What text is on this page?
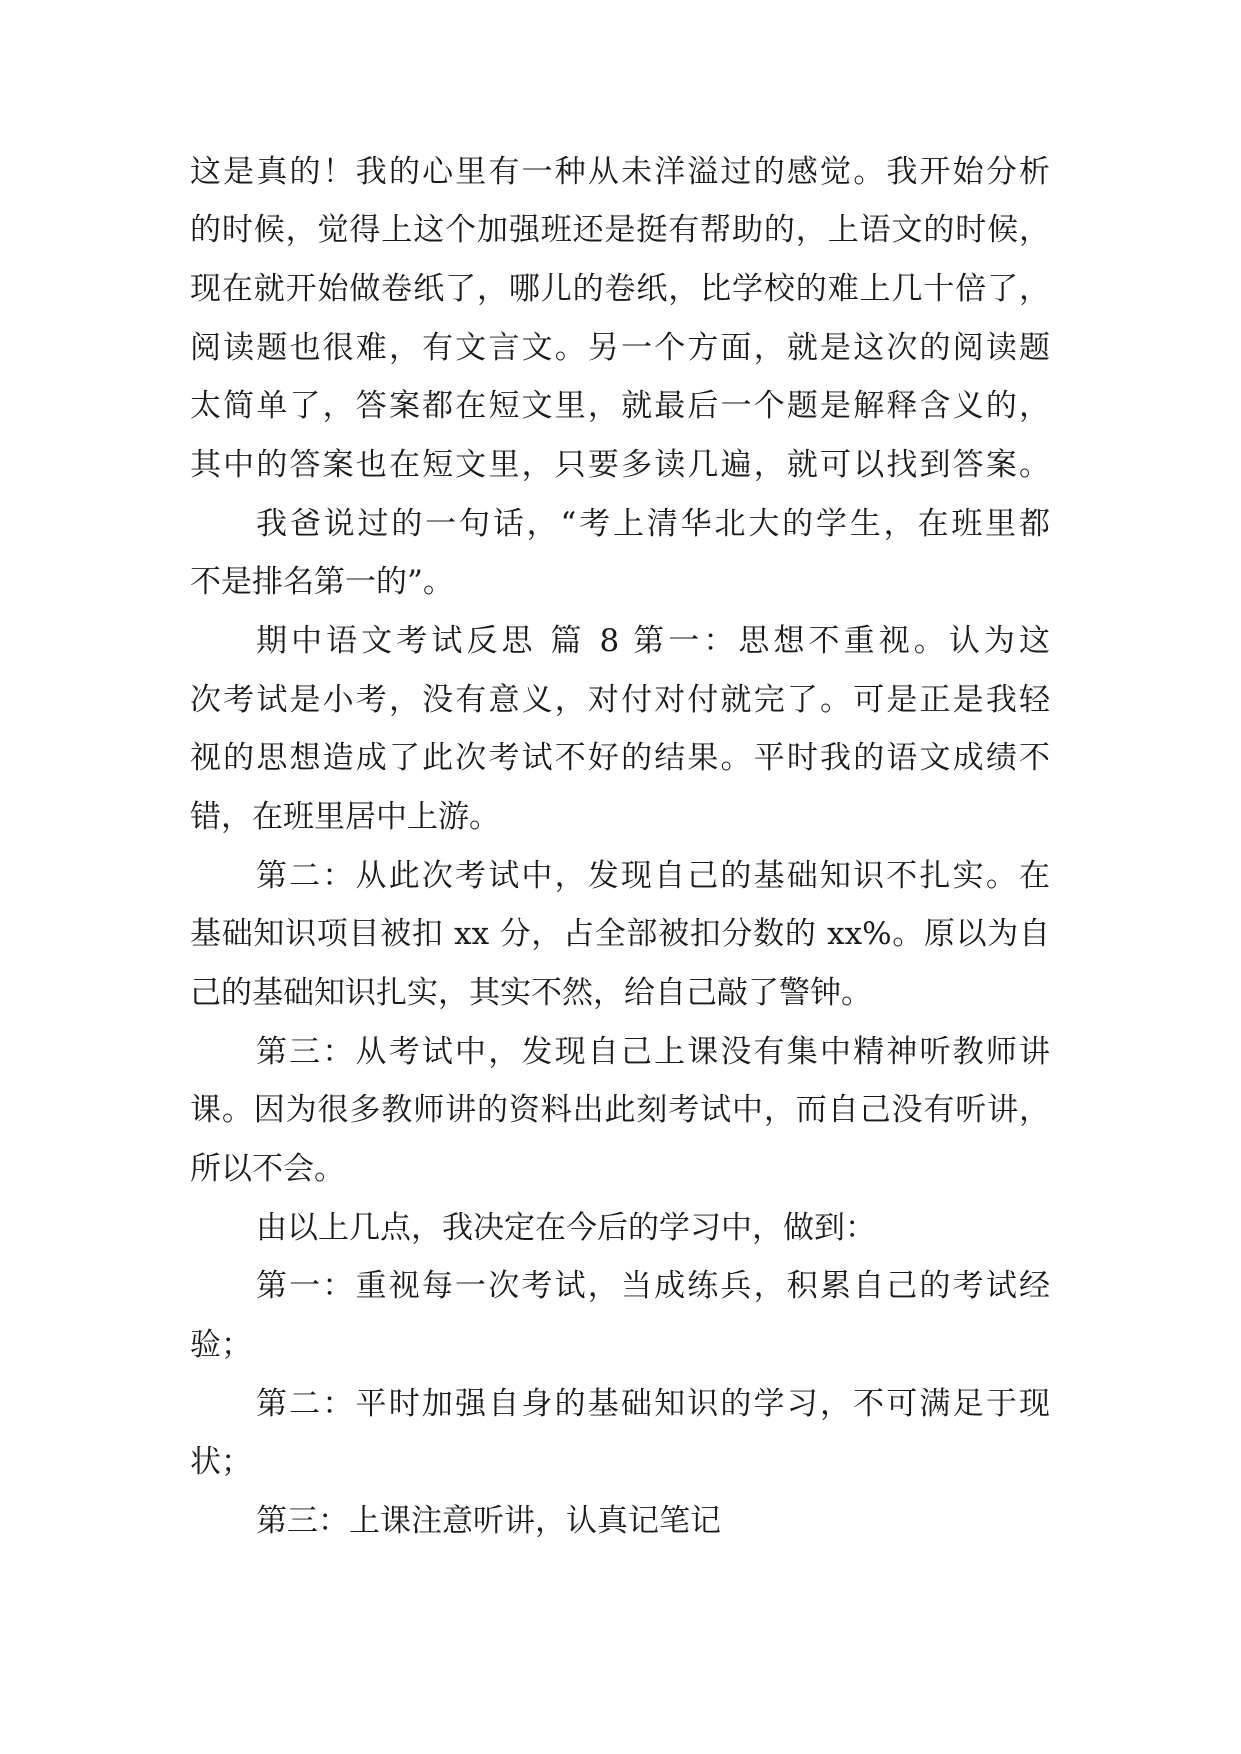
这是真的！我的心里有一种从未洋溢过的感觉。我开始分析
的时候，觉得上这个加强班还是挺有帮助的，上语文的时候，
现在就开始做卷纸了，哪儿的卷纸，比学校的难上几十倍了，
阅读题也很难，有文言文。另一个方面，就是这次的阅读题
太简单了，答案都在短文里，就最后一个题是解释含义的，
其中的答案也在短文里，只要多读几遍，就可以找到答案。
我爸说过的一句话，“考上清华北大的学生，在班里都
不是排名第一的”。
期中语文考试反思 篇 8 第一：思想不重视。认为这
次考试是小考，没有意义，对付对付就完了。可是正是我轻
视的思想造成了此次考试不好的结果。平时我的语文成绩不
错，在班里居中上游。
第二：从此次考试中，发现自己的基础知识不扎实。在
基础知识项目被扣 xx 分，占全部被扣分数的 xx%。原以为自
己的基础知识扎实，其实不然，给自己敲了警钟。
第三：从考试中，发现自己上课没有集中精神听教师讲
课。因为很多教师讲的资料出此刻考试中，而自己没有听讲，
所以不会。
由以上几点，我决定在今后的学习中，做到：
第一：重视每一次考试，当成练兵，积累自己的考试经
验；
第二：平时加强自身的基础知识的学习，不可满足于现
状；
第三：上课注意听讲，认真记笔记
